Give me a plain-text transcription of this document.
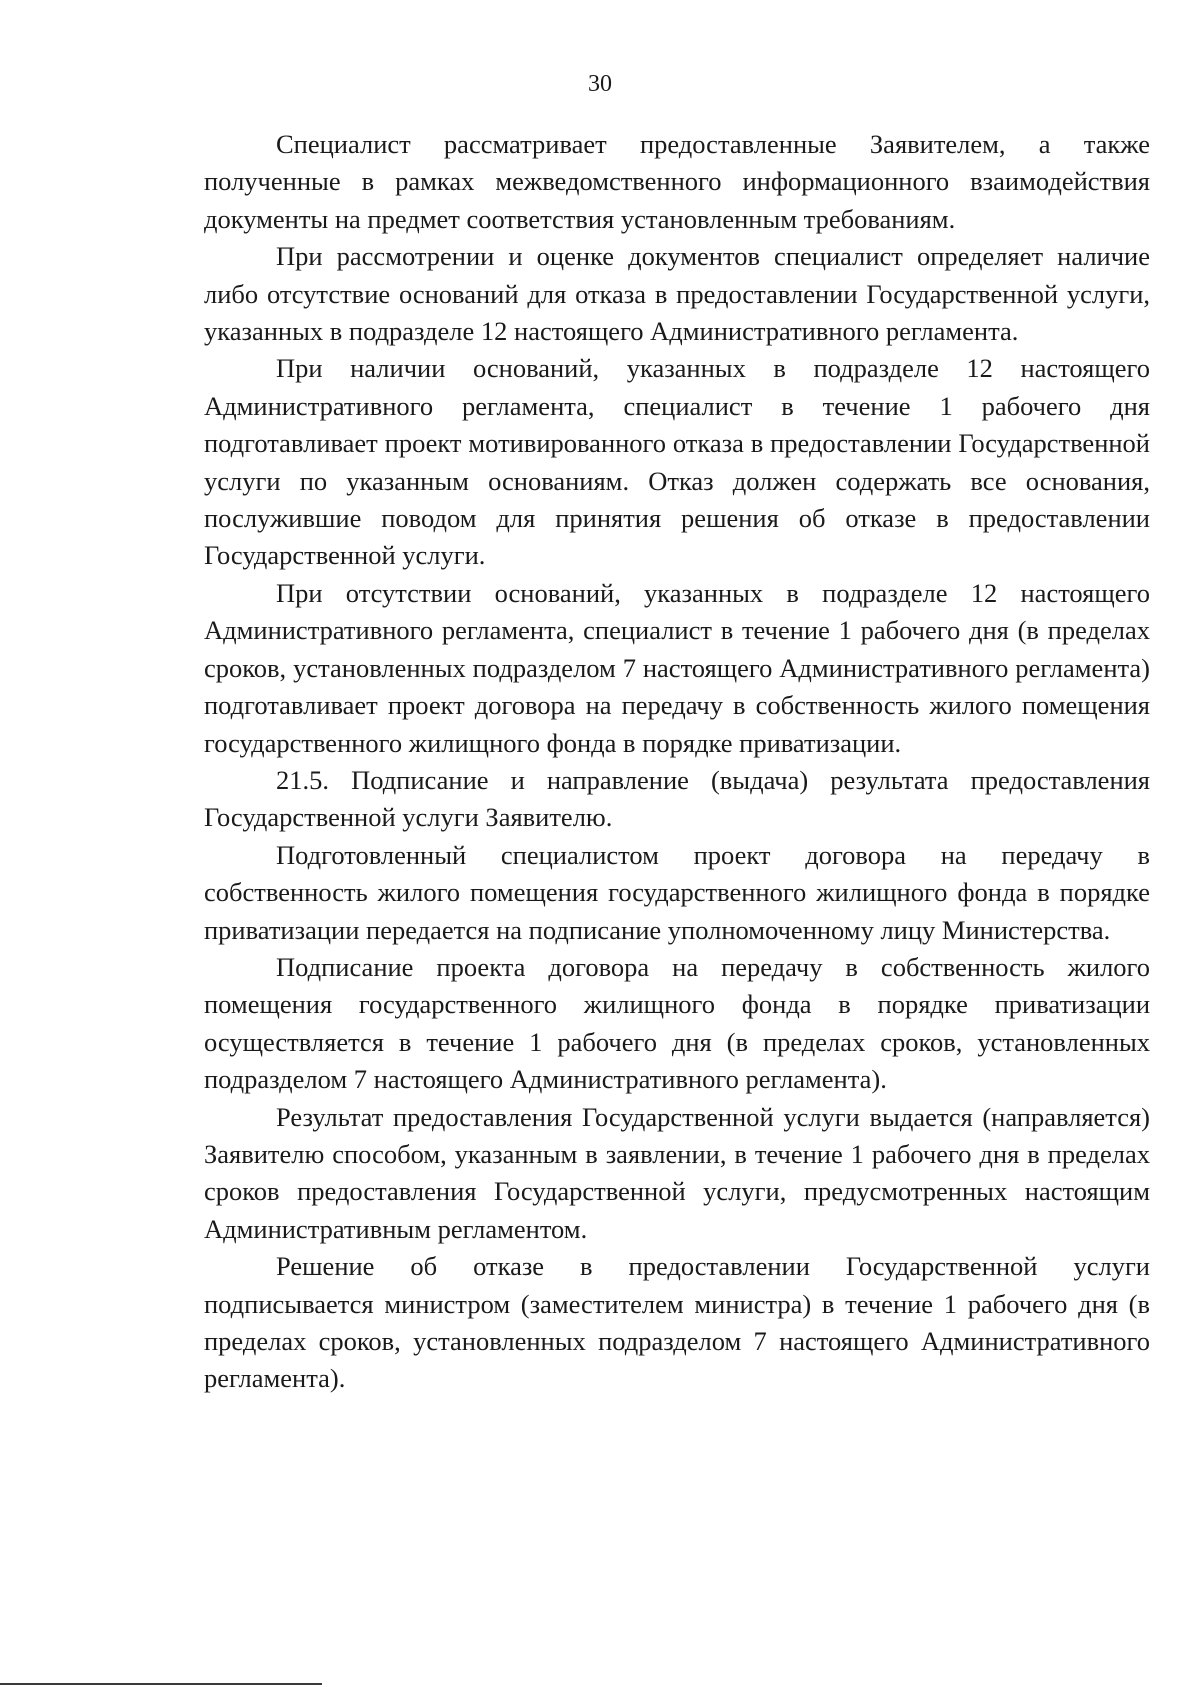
30

Специалист рассматривает предоставленные Заявителем, а также полученные в рамках межведомственного информационного взаимодействия документы на предмет соответствия установленным требованиям.

При рассмотрении и оценке документов специалист определяет наличие либо отсутствие оснований для отказа в предоставлении Государственной услуги, указанных в подразделе 12 настоящего Административного регламента.

При наличии оснований, указанных в подразделе 12 настоящего Административного регламента, специалист в течение 1 рабочего дня подготавливает проект мотивированного отказа в предоставлении Государственной услуги по указанным основаниям. Отказ должен содержать все основания, послужившие поводом для принятия решения об отказе в предоставлении Государственной услуги.

При отсутствии оснований, указанных в подразделе 12 настоящего Административного регламента, специалист в течение 1 рабочего дня (в пределах сроков, установленных подразделом 7 настоящего Административного регламента) подготавливает проект договора на передачу в собственность жилого помещения государственного жилищного фонда в порядке приватизации.

21.5. Подписание и направление (выдача) результата предоставления Государственной услуги Заявителю.

Подготовленный специалистом проект договора на передачу в собственность жилого помещения государственного жилищного фонда в порядке приватизации передается на подписание уполномоченному лицу Министерства.

Подписание проекта договора на передачу в собственность жилого помещения государственного жилищного фонда в порядке приватизации осуществляется в течение 1 рабочего дня (в пределах сроков, установленных подразделом 7 настоящего Административного регламента).

Результат предоставления Государственной услуги выдается (направляется) Заявителю способом, указанным в заявлении, в течение 1 рабочего дня в пределах сроков предоставления Государственной услуги, предусмотренных настоящим Административным регламентом.

Решение об отказе в предоставлении Государственной услуги подписывается министром (заместителем министра) в течение 1 рабочего дня (в пределах сроков, установленных подразделом 7 настоящего Административного регламента).
